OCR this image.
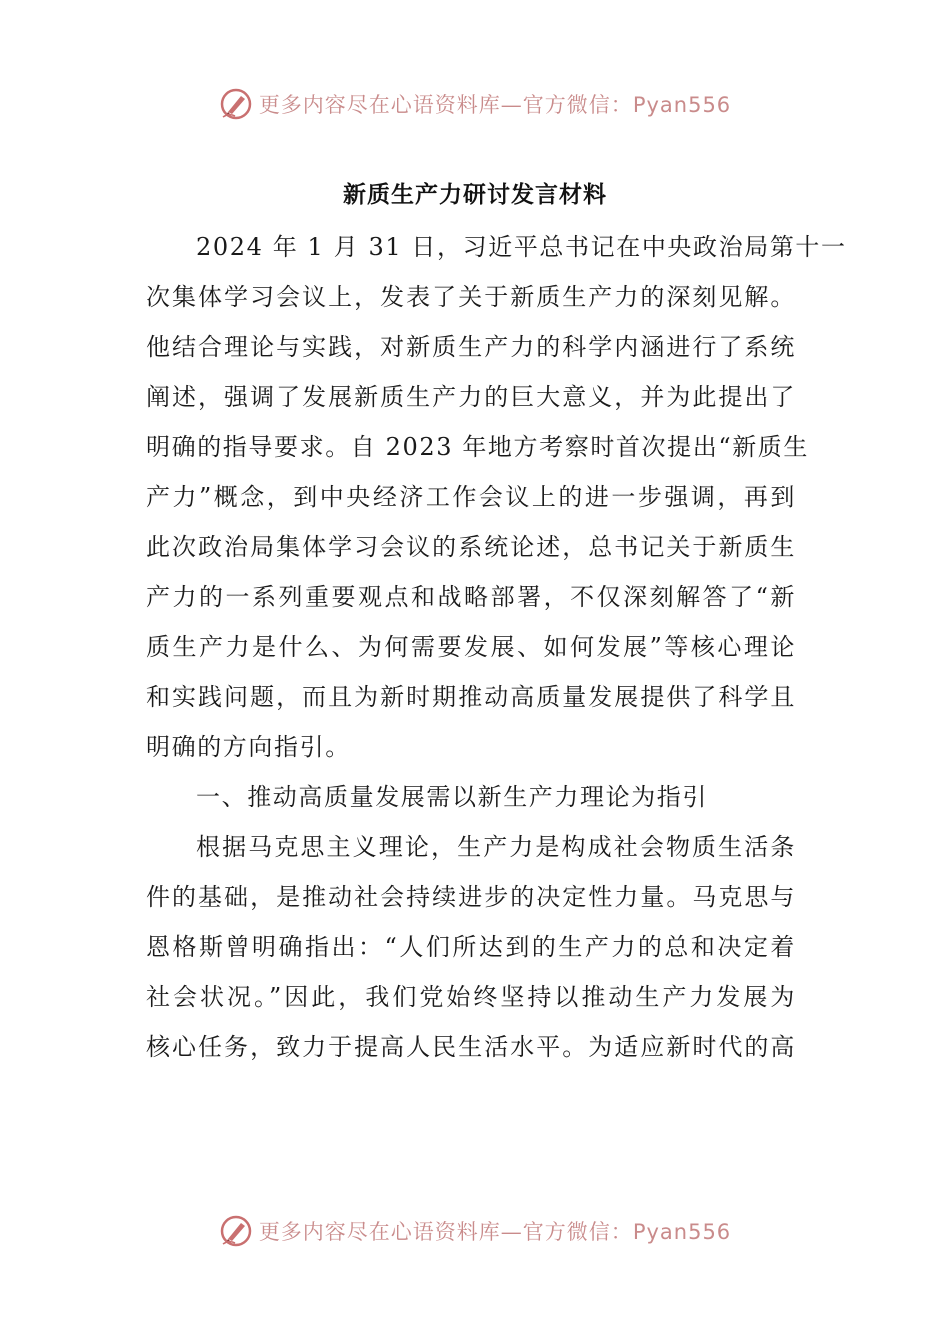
更多内容尽在心语资料库—官方微信：Pyan556
新质生产力研讨发言材料
2024 年 1 月 31 日，习近平总书记在中央政治局第十一
次集体学习会议上，发表了关于新质生产力的深刻见解。
他结合理论与实践，对新质生产力的科学内涵进行了系统
阐述，强调了发展新质生产力的巨大意义，并为此提出了
明确的指导要求。自 2023 年地方考察时首次提出“新质生
产力”概念，到中央经济工作会议上的进一步强调，再到
此次政治局集体学习会议的系统论述，总书记关于新质生
产力的一系列重要观点和战略部署，不仅深刻解答了“新
质生产力是什么、为何需要发展、如何发展”等核心理论
和实践问题，而且为新时期推动高质量发展提供了科学且
明确的方向指引。
一、推动高质量发展需以新生产力理论为指引
根据马克思主义理论，生产力是构成社会物质生活条
件的基础，是推动社会持续进步的决定性力量。马克思与
恩格斯曾明确指出：“人们所达到的生产力的总和决定着
社会状况。”因此，我们党始终坚持以推动生产力发展为
核心任务，致力于提高人民生活水平。为适应新时代的高
更多内容尽在心语资料库—官方微信：Pyan556
